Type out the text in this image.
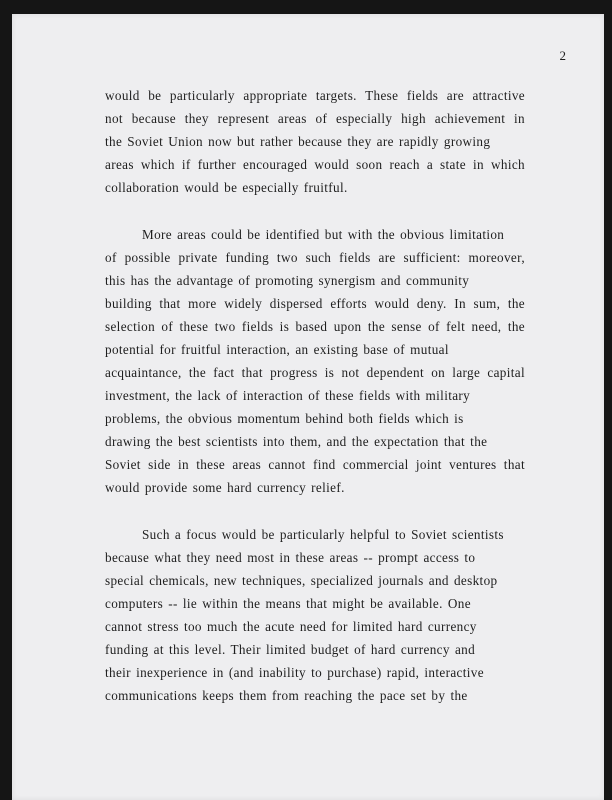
2
would be particularly appropriate targets. These fields are attractive
not because they represent areas of especially high achievement in
the Soviet Union now but rather because they are rapidly growing
areas which if further encouraged would soon reach a state in which
collaboration would be especially fruitful.
More areas could be identified but with the obvious limitation
of possible private funding two such fields are sufficient: moreover,
this has the advantage of promoting synergism and community
building that more widely dispersed efforts would deny. In sum, the
selection of these two fields is based upon the sense of felt need, the
potential for fruitful interaction, an existing base of mutual
acquaintance, the fact that progress is not dependent on large capital
investment, the lack of interaction of these fields with military
problems, the obvious momentum behind both fields which is
drawing the best scientists into them, and the expectation that the
Soviet side in these areas cannot find commercial joint ventures that
would provide some hard currency relief.
Such a focus would be particularly helpful to Soviet scientists
because what they need most in these areas -- prompt access to
special chemicals, new techniques, specialized journals and desktop
computers -- lie within the means that might be available. One
cannot stress too much the acute need for limited hard currency
funding at this level. Their limited budget of hard currency and
their inexperience in (and inability to purchase) rapid, interactive
communications keeps them from reaching the pace set by the
